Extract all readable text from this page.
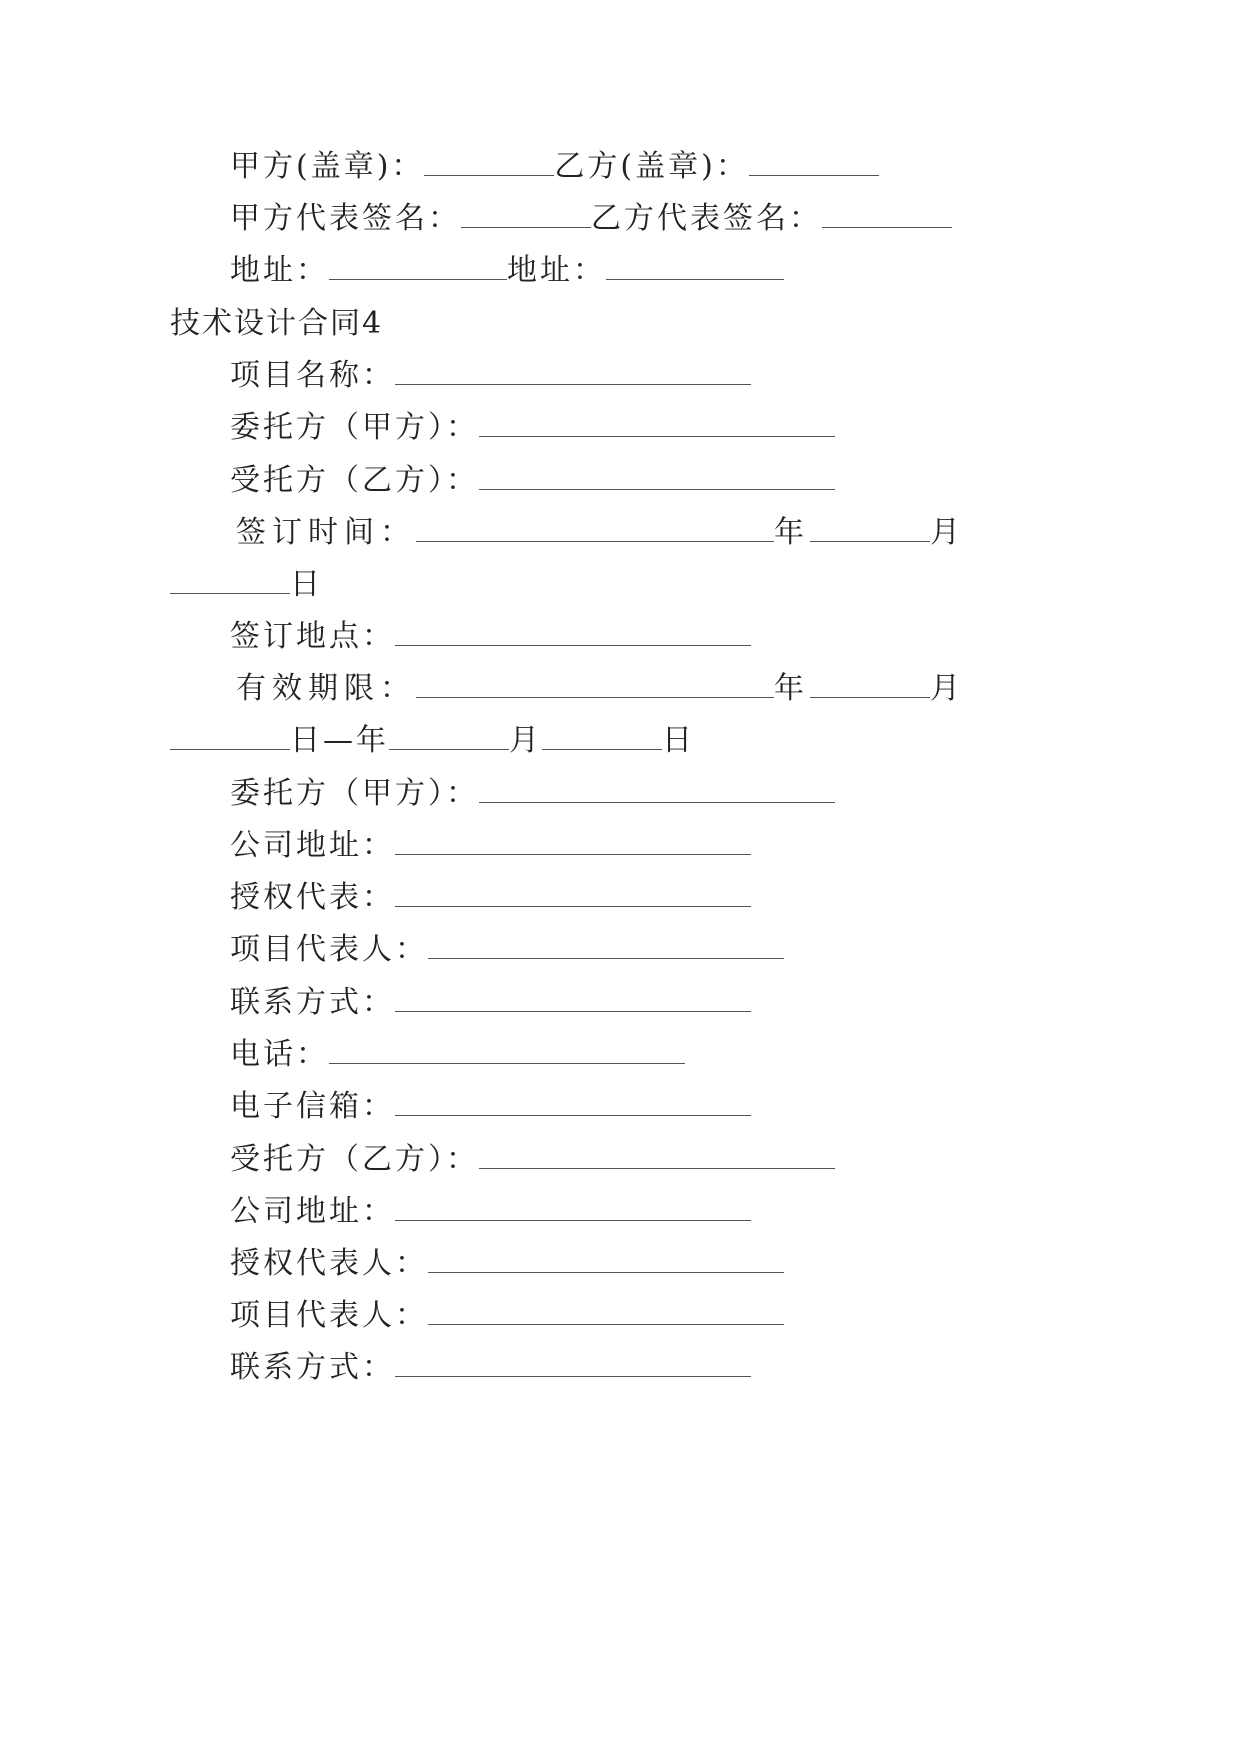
甲方(盖章)：	乙方(盖章)：
甲方代表签名：	乙方代表签名：
地址：	地址：
技术设计合同4
项目名称：
委托方（甲方）：
受托方（乙方）：
签订时间：	年	月
日
签订地点：
有效期限：	年	月
日—年	月	日
委托方（甲方）：
公司地址：
授权代表：
项目代表人：
联系方式：
电话：
电子信箱：
受托方（乙方）：
公司地址：
授权代表人：
项目代表人：
联系方式：
